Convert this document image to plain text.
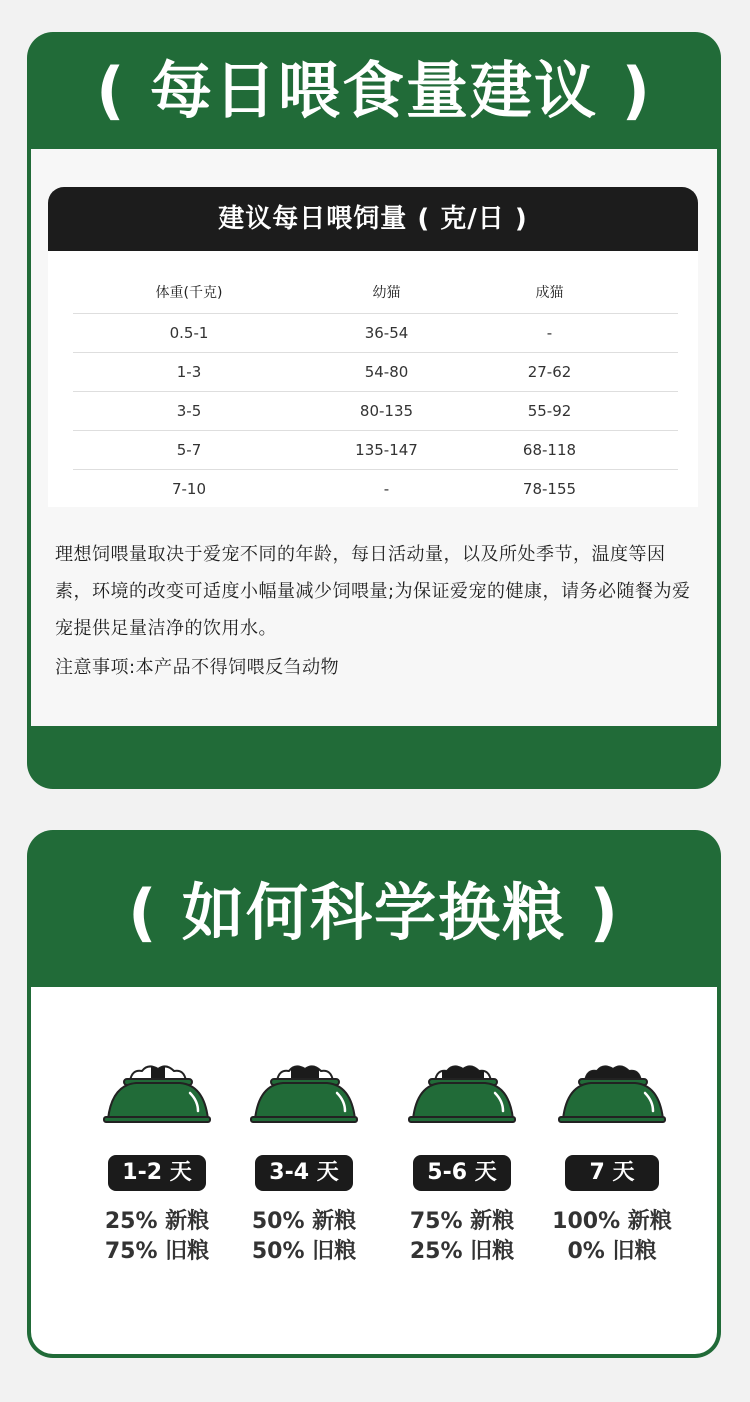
( 每日喂食量建议 )
建议每日喂饲量 ( 克/日 )
体重(千克)	幼猫	成猫
0.5-1	36-54	-
1-3	54-80	27-62
3-5	80-135	55-92
5-7	135-147	68-118
7-10	-	78-155

理想饲喂量取决于爱宠不同的年龄，每日活动量，以及所处季节，温度等因素，环境的改变可适度小幅量减少饲喂量;为保证爱宠的健康，请务必随餐为爱宠提供足量洁净的饮用水。

注意事项:本产品不得饲喂反刍动物

( 如何科学换粮 )
1-2 天
25% 新粮
75% 旧粮
3-4 天
50% 新粮
50% 旧粮
5-6 天
75% 新粮
25% 旧粮
7 天
100% 新粮
0% 旧粮
